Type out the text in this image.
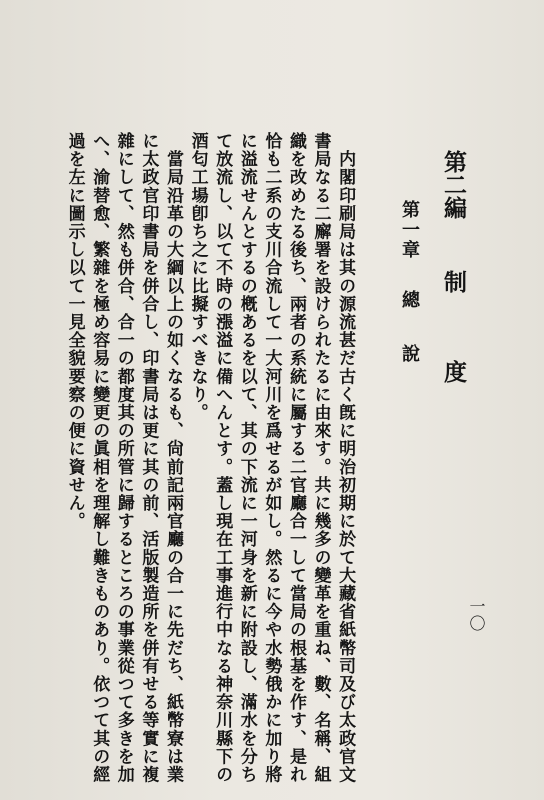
一〇
第二編
制　度
第一章
總　說

　内閣印刷局は其の源流甚だ古く旣に明治初期に於て大藏省紙幣司及び太政官文

書局なる二廨署を設けられたるに由來す。共に幾多の變革を重ね、數、名稱、組

織を改めたる後ち、兩者の系統に屬する二官廳合一して當局の根基を作す、是れ

恰も二系の支川合流して一大河川を爲せるが如し。然るに今や水勢俄かに加り將

に溢流せんとするの槪あるを以て、其の下流に一河身を新に附設し、滿水を分ち

て放流し、以て不時の漲溢に備へんとす。蓋し現在工事進行中なる神奈川縣下の

酒匂工場卽ち之に比擬すべきなり。

　當局沿革の大綱以上の如くなるも、尙前記兩官廳の合一に先だち、紙幣寮は業

に太政官印書局を併合し、印書局は更に其の前、活版製造所を併有せる等實に複

雜にして、然も併合、合一の都度其の所管に歸するところの事業從つて多きを加

へ、渝替愈、繁雜を極め容易に變更の眞相を理解し難きものあり。依つて其の經

過を左に圖示し以て一見全貌要察の便に資せん。
